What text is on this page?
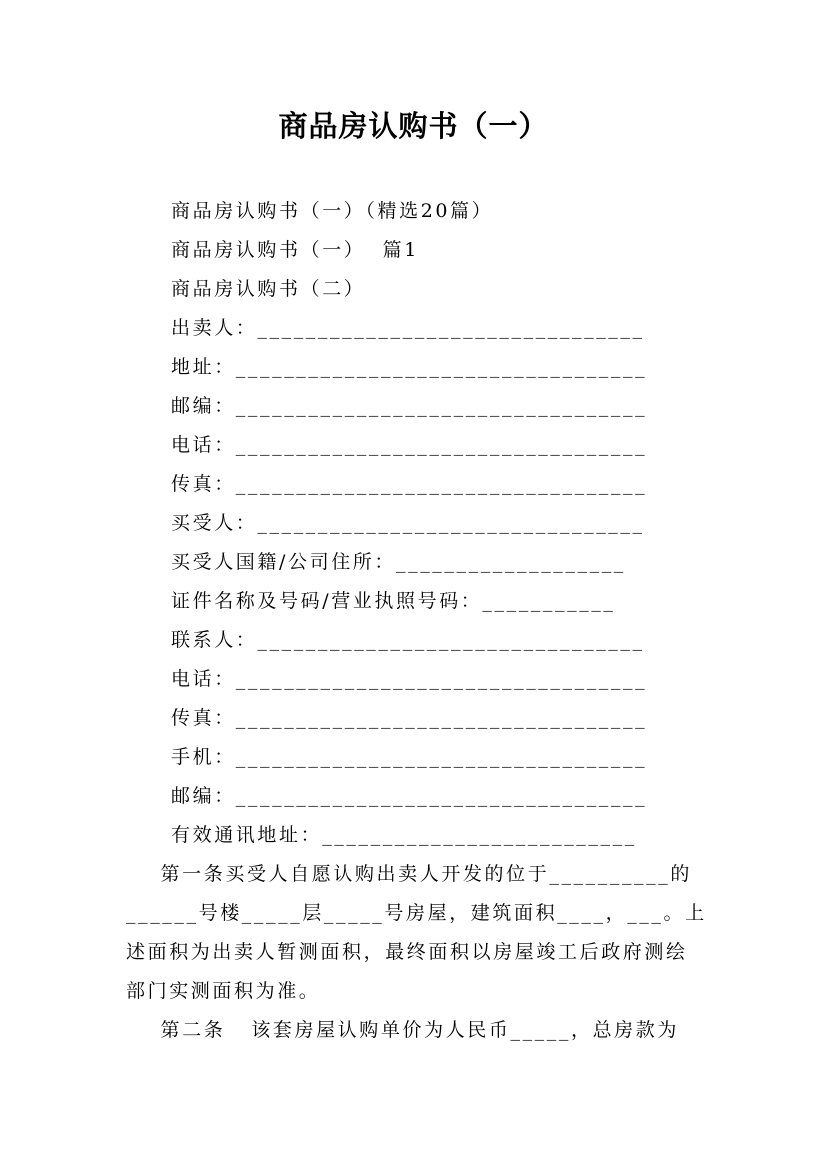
商品房认购书（一）
商品房认购书（一）（精选20篇）
商品房认购书（一）  篇1
商品房认购书（二）
出卖人：________________________________
地址：__________________________________
邮编：__________________________________
电话：__________________________________
传真：__________________________________
买受人：________________________________
买受人国籍/公司住所：___________________
证件名称及号码/营业执照号码：___________
联系人：________________________________
电话：__________________________________
传真：__________________________________
手机：__________________________________
邮编：__________________________________
有效通讯地址：__________________________
第一条买受人自愿认购出卖人开发的位于__________的
______号楼_____层_____号房屋，建筑面积____，___。上
述面积为出卖人暂测面积，最终面积以房屋竣工后政府测绘
部门实测面积为准。
第二条   该套房屋认购单价为人民币_____，总房款为
